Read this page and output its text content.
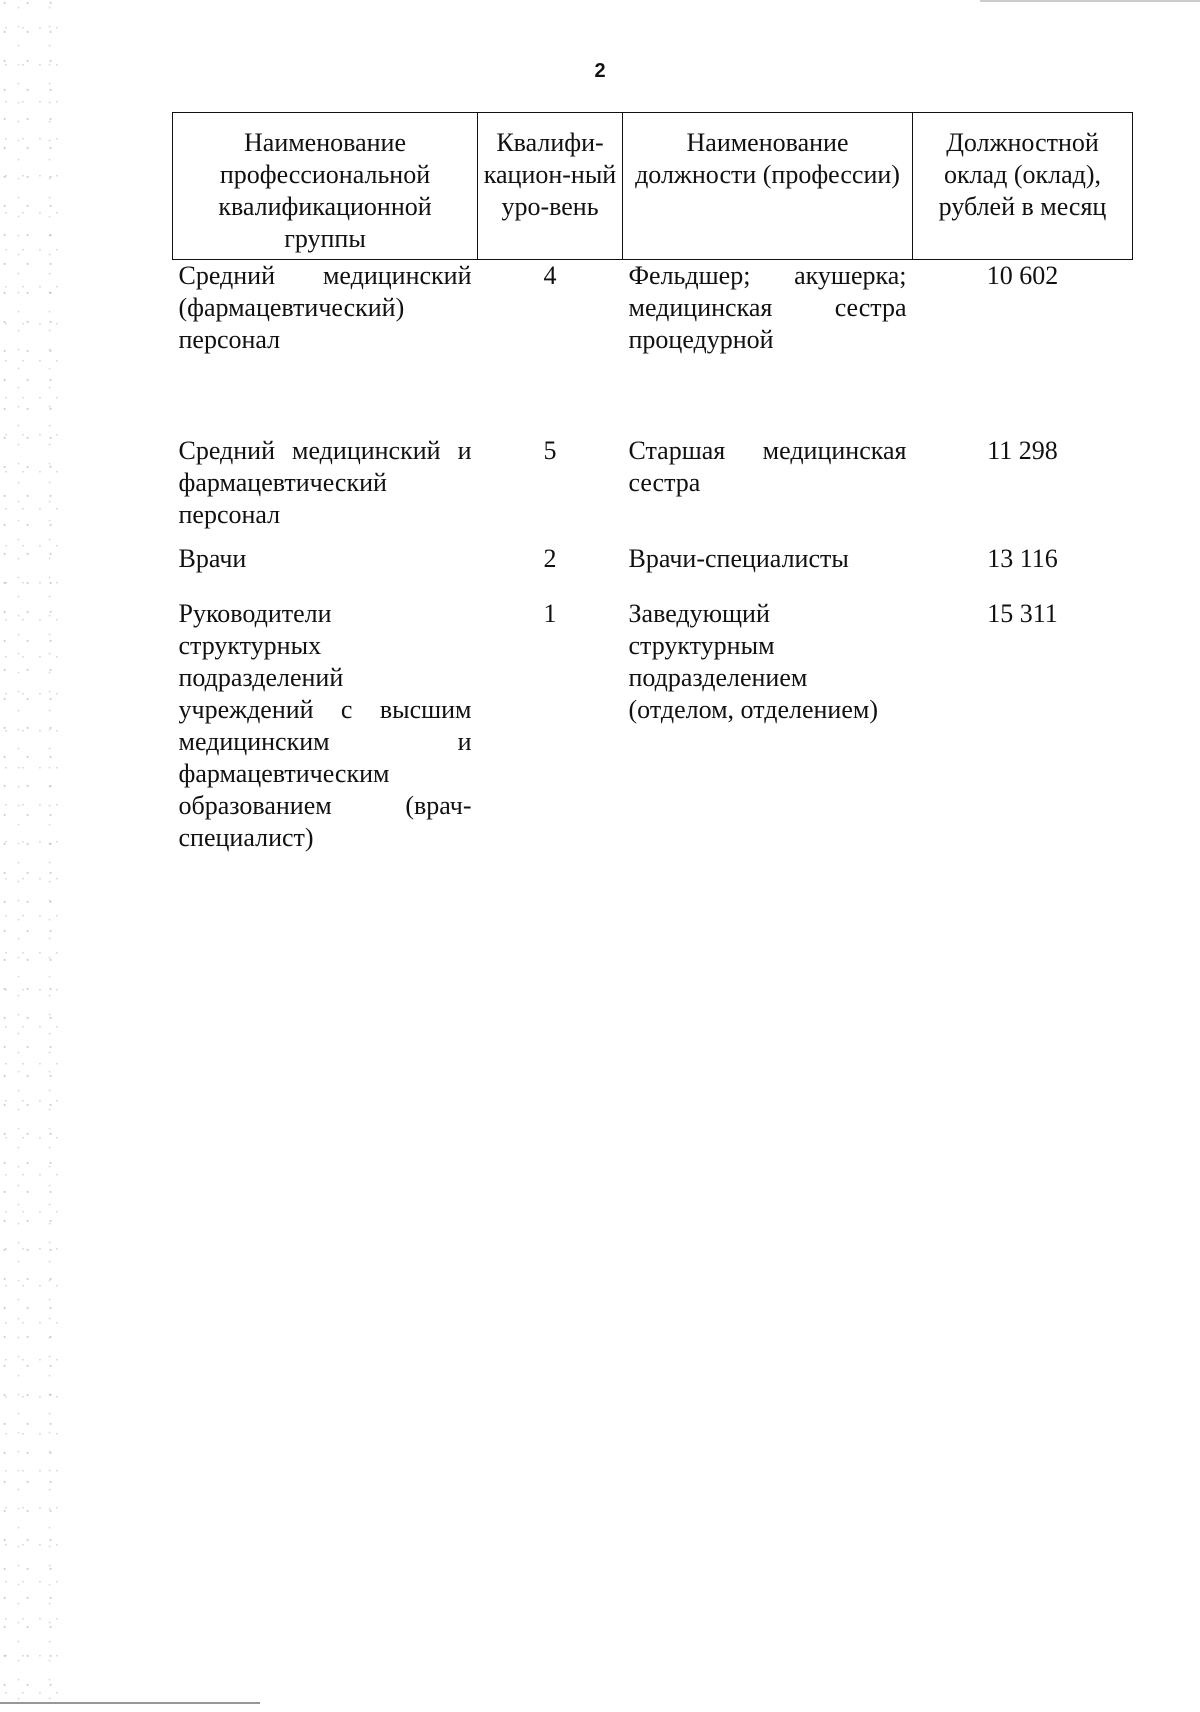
2
Наименование профессиональной квалификационной группы	Квалифи-кацион-ный уро-вень	Наименование должности (профессии)	Должностной оклад (оклад), рублей в месяц
Средний медицинский (фармацевтический) персонал	4	Фельдшер; акушерка; медицинская сестра процедурной	10 602
Средний медицинский и фармацевтический персонал	5	Старшая медицинская сестра	11 298
Врачи	2	Врачи-специалисты	13 116
Руководители структурных подразделений учреждений с высшим медицинским и фармацевтическим образованием (врач-специалист)	1	Заведующий структурным подразделением (отделом, отделением)	15 311
